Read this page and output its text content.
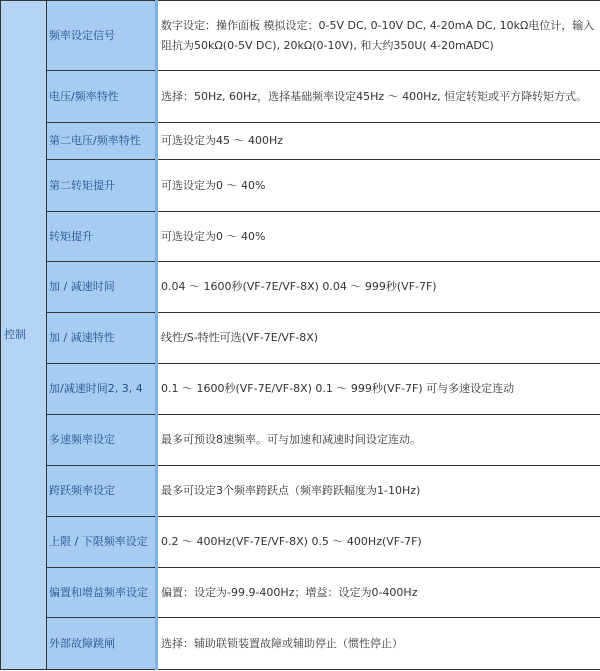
控制	频率设定信号	数字设定：操作面板 模拟设定：0-5V DC, 0-10V DC, 4-20mA DC, 10kΩ电位计，输入阻抗为50kΩ(0-5V DC), 20kΩ(0-10V), 和大约350U( 4-20mADC)
	电压/频率特性	选择：50Hz, 60Hz，选择基础频率设定45Hz ～ 400Hz, 恒定转矩或平方降转矩方式。
	第二电压/频率特性	可选设定为45 ～ 400Hz
	第二转矩提升	可选设定为0 ～ 40%
	转矩提升	可选设定为0 ～ 40%
	加 / 减速时间	0.04 ～ 1600秒(VF-7E/VF-8X) 0.04 ～ 999秒(VF-7F)
	加 / 减速特性	线性/S-特性可选(VF-7E/VF-8X)
	加/减速时间2, 3, 4	0.1 ～ 1600秒(VF-7E/VF-8X) 0.1 ～ 999秒(VF-7F) 可与多速设定连动
	多速频率设定	最多可预设8速频率。可与加速和减速时间设定连动。
	跨跃频率设定	最多可设定3个频率跨跃点（频率跨跃幅度为1-10Hz)
	上限 / 下限频率设定	0.2 ～ 400Hz(VF-7E/VF-8X) 0.5 ～ 400Hz(VF-7F)
	偏置和增益频率设定	偏置：设定为-99.9-400Hz；增益：设定为0-400Hz
	外部故障跳闸	选择：辅助联锁装置故障或辅助停止（惯性停止）
